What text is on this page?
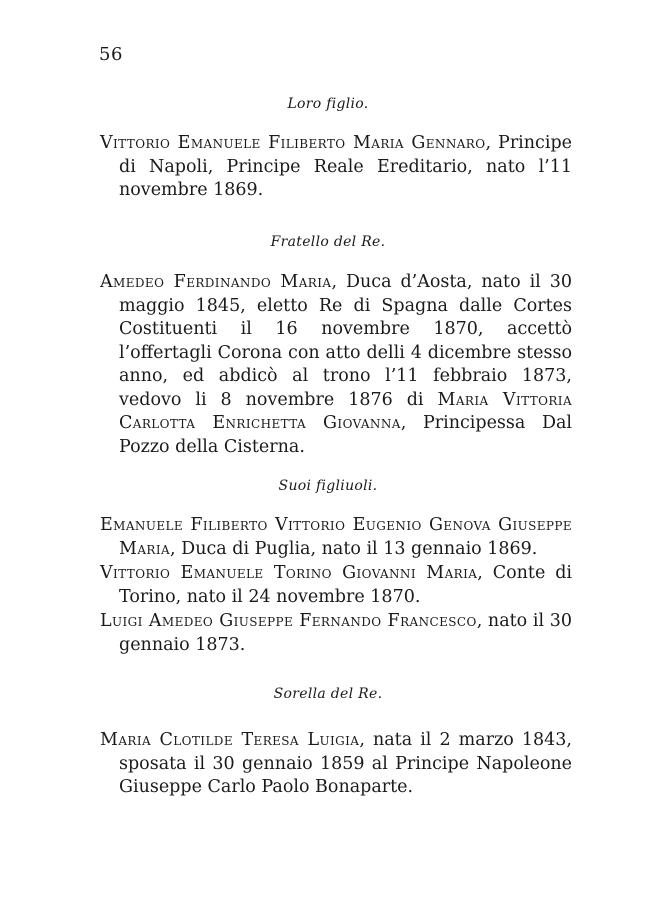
56
Loro figlio.
Vittorio Emanuele Filiberto Maria Gennaro, Principe di Napoli, Principe Reale Ereditario, nato l’11 novembre 1869.
Fratello del Re.
Amedeo Ferdinando Maria, Duca d’Aosta, nato il 30 maggio 1845, eletto Re di Spagna dalle Cortes Costituenti il 16 novembre 1870, accettò l’offertagli Corona con atto delli 4 dicembre stesso anno, ed abdicò al trono l’11 febbraio 1873, vedovo li 8 novembre 1876 di Maria Vittoria Carlotta Enrichetta Giovanna, Principessa Dal Pozzo della Cisterna.
Suoi figliuoli.
Emanuele Filiberto Vittorio Eugenio Genova Giuseppe Maria, Duca di Puglia, nato il 13 gennaio 1869.
Vittorio Emanuele Torino Giovanni Maria, Conte di Torino, nato il 24 novembre 1870.
Luigi Amedeo Giuseppe Fernando Francesco, nato il 30 gennaio 1873.
Sorella del Re.
Maria Clotilde Teresa Luigia, nata il 2 marzo 1843, sposata il 30 gennaio 1859 al Principe Napoleone Giuseppe Carlo Paolo Bonaparte.
